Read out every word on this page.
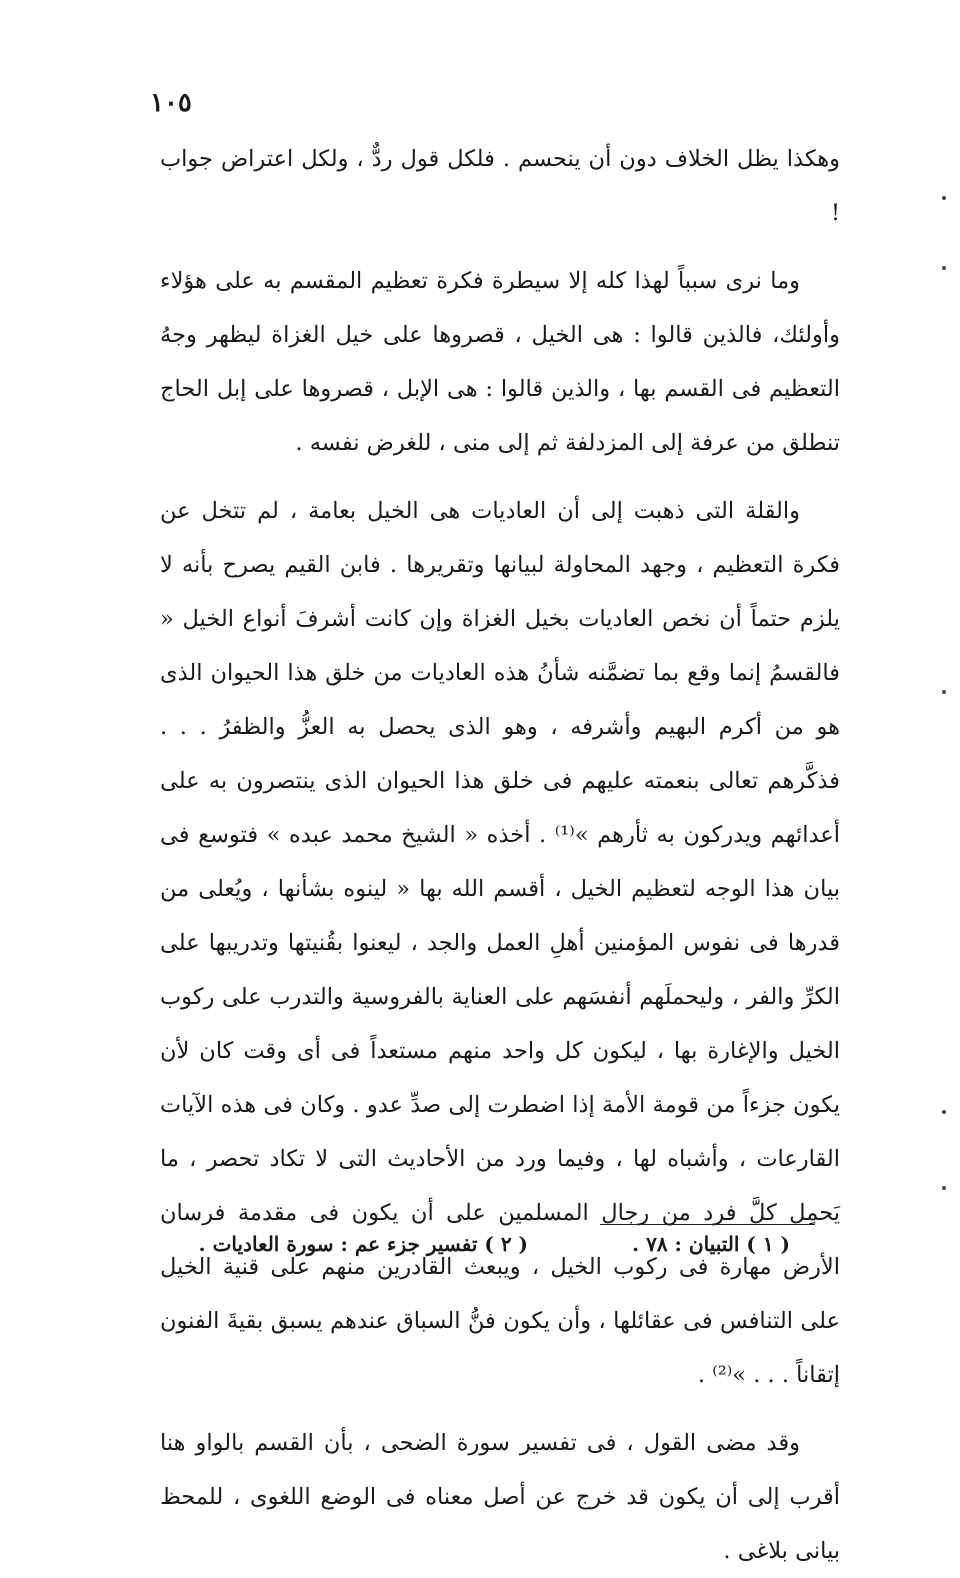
١٠٥

وهكذا يظل الخلاف دون أن ينحسم . فلكل قول ردٌّ ، ولكل اعتراض جواب !

وما نرى سبباً لهذا كله إلا سيطرة فكرة تعظيم المقسم به على هؤلاء وأولئك، فالذين قالوا : هى الخيل ، قصروها على خيل الغزاة ليظهر وجهُ التعظيم فى القسم بها ، والذين قالوا : هى الإبل ، قصروها على إبل الحاج تنطلق من عرفة إلى المزدلفة ثم إلى منى ، للغرض نفسه .

والقلة التى ذهبت إلى أن العاديات هى الخيل بعامة ، لم تتخل عن فكرة التعظيم ، وجهد المحاولة لبيانها وتقريرها . فابن القيم يصرح بأنه لا يلزم حتماً أن نخص العاديات بخيل الغزاة وإن كانت أشرفَ أنواع الخيل « فالقسمُ إنما وقع بما تضمَّنه شأنُ هذه العاديات من خلق هذا الحيوان الذى هو من أكرم البهيم وأشرفه ، وهو الذى يحصل به العزُّ والظفرُ . . . فذكَّرهم تعالى بنعمته عليهم فى خلق هذا الحيوان الذى ينتصرون به على أعدائهم ويدركون به ثأرهم »⁽¹⁾ . أخذه « الشيخ محمد عبده » فتوسع فى بيان هذا الوجه لتعظيم الخيل ، أقسم الله بها « لينوه بشأنها ، ويُعلى من قدرها فى نفوس المؤمنين أهلِ العمل والجد ، ليعنوا بقُنيتها وتدريبها على الكرِّ والفر ، وليحملَهم أنفسَهم على العناية بالفروسية والتدرب على ركوب الخيل والإغارة بها ، ليكون كل واحد منهم مستعداً فى أى وقت كان لأن يكون جزءاً من قومة الأمة إذا اضطرت إلى صدِّ عدو . وكان فى هذه الآيات القارعات ، وأشباه لها ، وفيما ورد من الأحاديث التى لا تكاد تحصر ، ما يَحمِل كلَّ فرد من رجال المسلمين على أن يكون فى مقدمة فرسان الأرض مهارة فى ركوب الخيل ، ويبعث القادرين منهم على قنية الخيل على التنافس فى عقائلها ، وأن يكون فنُّ السباق عندهم يسبق بقيةَ الفنون إتقاناً . . . »⁽²⁾ .

وقد مضى القول ، فى تفسير سورة الضحى ، بأن القسم بالواو هنا أقرب إلى أن يكون قد خرج عن أصل معناه فى الوضع اللغوى ، للمحظ بيانى بلاغى .

( ١ ) التبيان : ٧٨ .
( ٢ ) تفسير جزء عم : سورة العاديات .
